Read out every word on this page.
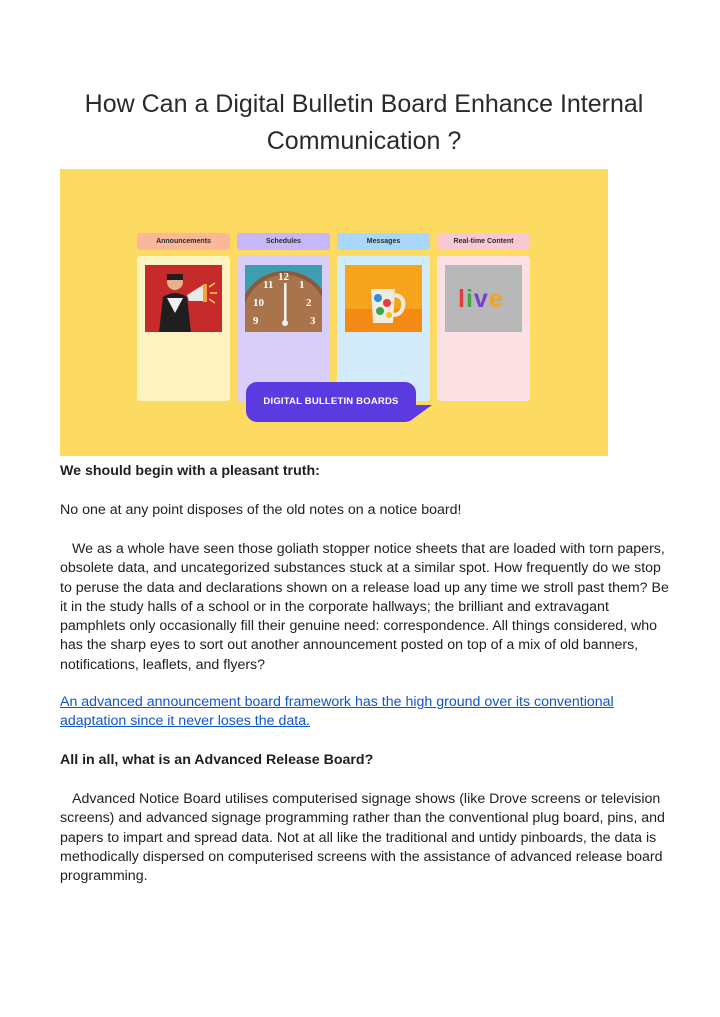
How Can a Digital Bulletin Board Enhance Internal Communication ?
Announcements	Schedules
11
12
1
10	2
9	3
Messages	Real-time Content
live
DIGITAL BULLETIN BOARDS

We should begin with a pleasant truth:

No one at any point disposes of the old notes on a notice board!

We as a whole have seen those goliath stopper notice sheets that are loaded with torn papers, obsolete data, and uncategorized substances stuck at a similar spot. How frequently do we stop to peruse the data and declarations shown on a release load up any time we stroll past them? Be it in the study halls of a school or in the corporate hallways; the brilliant and extravagant pamphlets only occasionally fill their genuine need: correspondence. All things considered, who has the sharp eyes to sort out another announcement posted on top of a mix of old banners, notifications, leaflets, and flyers?

An advanced announcement board framework has the high ground over its conventional adaptation since it never loses the data.

All in all, what is an Advanced Release Board?

Advanced Notice Board utilises computerised signage shows (like Drove screens or television screens) and advanced signage programming rather than the conventional plug board, pins, and papers to impart and spread data. Not at all like the traditional and untidy pinboards, the data is methodically dispersed on computerised screens with the assistance of advanced release board programming.
